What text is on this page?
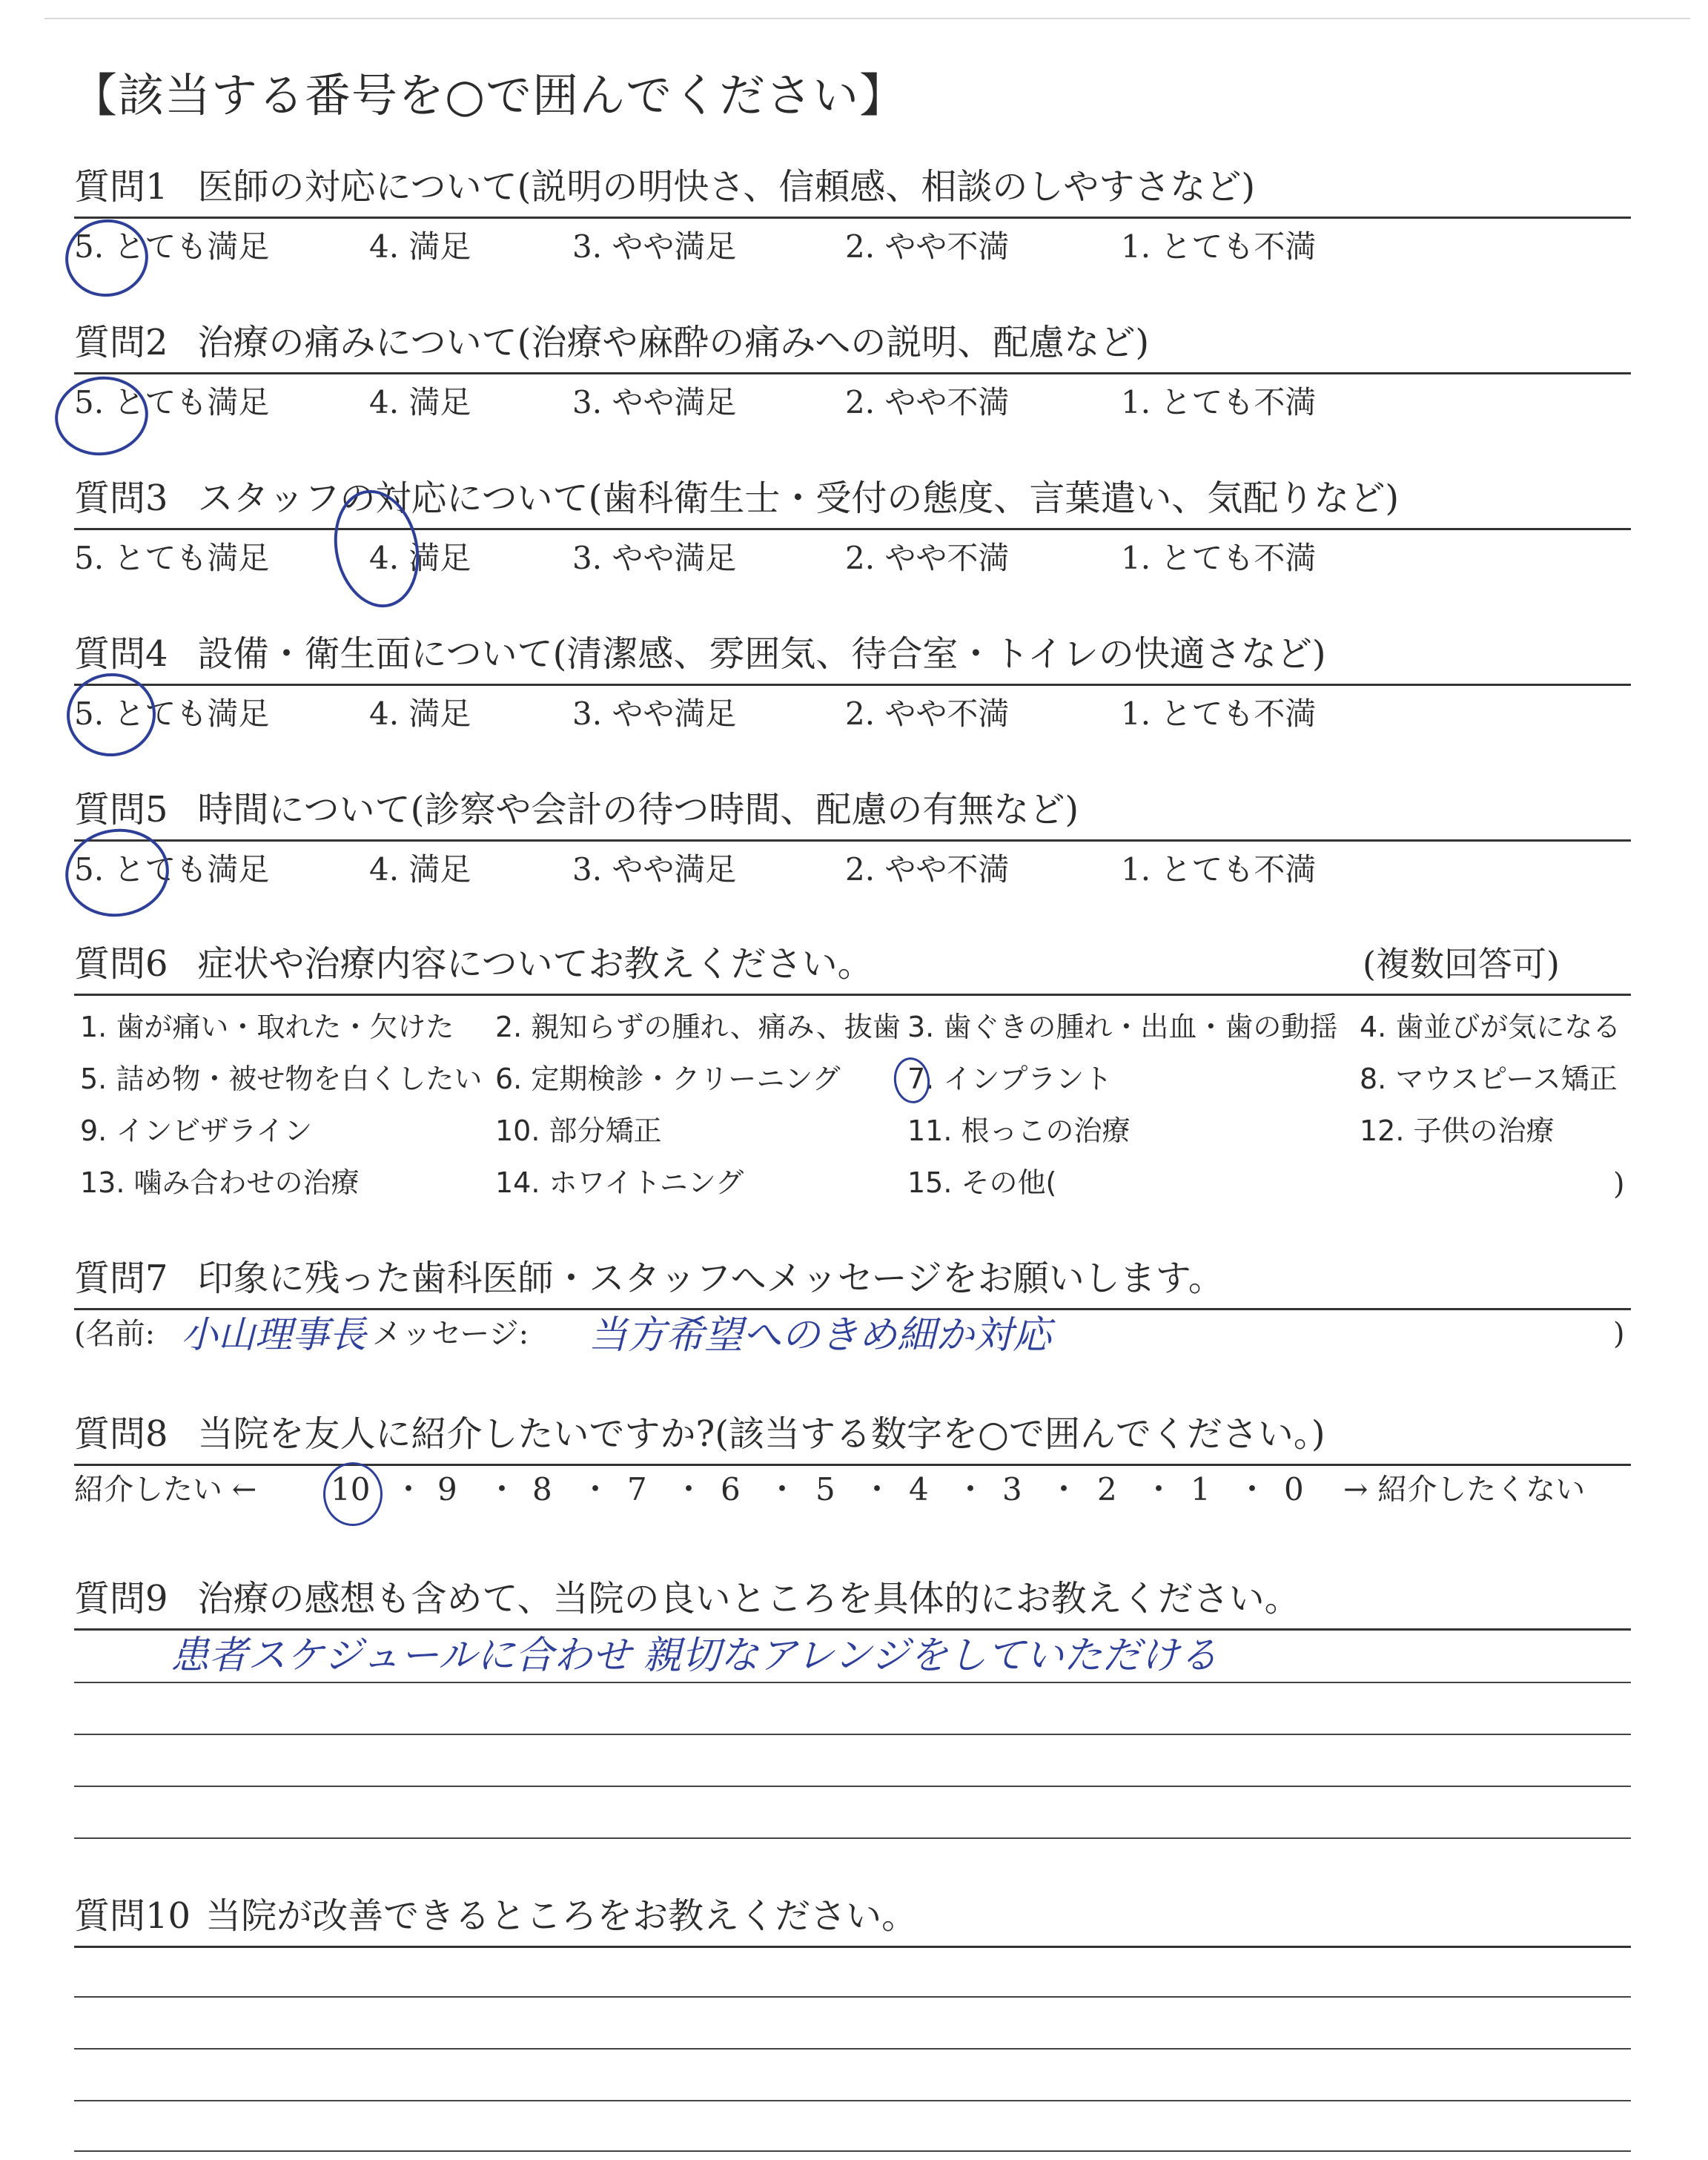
【該当する番号を○で囲んでください】
質問1 医師の対応について(説明の明快さ、信頼感、相談のしやすさなど)
5. とても満足	4. 満足	3. やや満足	2. やや不満	1. とても不満
質問2 治療の痛みについて(治療や麻酔の痛みへの説明、配慮など)
5. とても満足	4. 満足	3. やや満足	2. やや不満	1. とても不満
質問3 スタッフの対応について(歯科衛生士・受付の態度、言葉遣い、気配りなど)
5. とても満足	4. 満足	3. やや満足	2. やや不満	1. とても不満
質問4 設備・衛生面について(清潔感、雰囲気、待合室・トイレの快適さなど)
5. とても満足	4. 満足	3. やや満足	2. やや不満	1. とても不満
質問5 時間について(診察や会計の待つ時間、配慮の有無など)
5. とても満足	4. 満足	3. やや満足	2. やや不満	1. とても不満
質問6 症状や治療内容についてお教えください。	(複数回答可)
1. 歯が痛い・取れた・欠けた 2. 親知らずの腫れ、痛み、抜歯 3. 歯ぐきの腫れ・出血・歯の動揺 4. 歯並びが気になる
5. 詰め物・被せ物を白くしたい 6. 定期検診・クリーニング 7. インプラント	8. マウスピース矯正
9. インビザライン	10. 部分矯正	11. 根っこの治療	12. 子供の治療
13. 噛み合わせの治療	14. ホワイトニング	15. その他(	)
質問7 印象に残った歯科医師・スタッフへメッセージをお願いします。
(名前: 小山理事長 メッセージ: 当方希望へのきめ細か対応	)
質問8 当院を友人に紹介したいですか?(該当する数字を○で囲んでください。)
紹介したい ←	→ 紹介したくない
10 ・ 9 ・ 8 ・ 7 ・ 6 ・ 5 ・ 4 ・ 3 ・ 2 ・ 1 ・ 0
質問9 治療の感想も含めて、当院の良いところを具体的にお教えください。
患者スケジュールに合わせ 親切なアレンジをしていただける
質問10 当院が改善できるところをお教えください。
